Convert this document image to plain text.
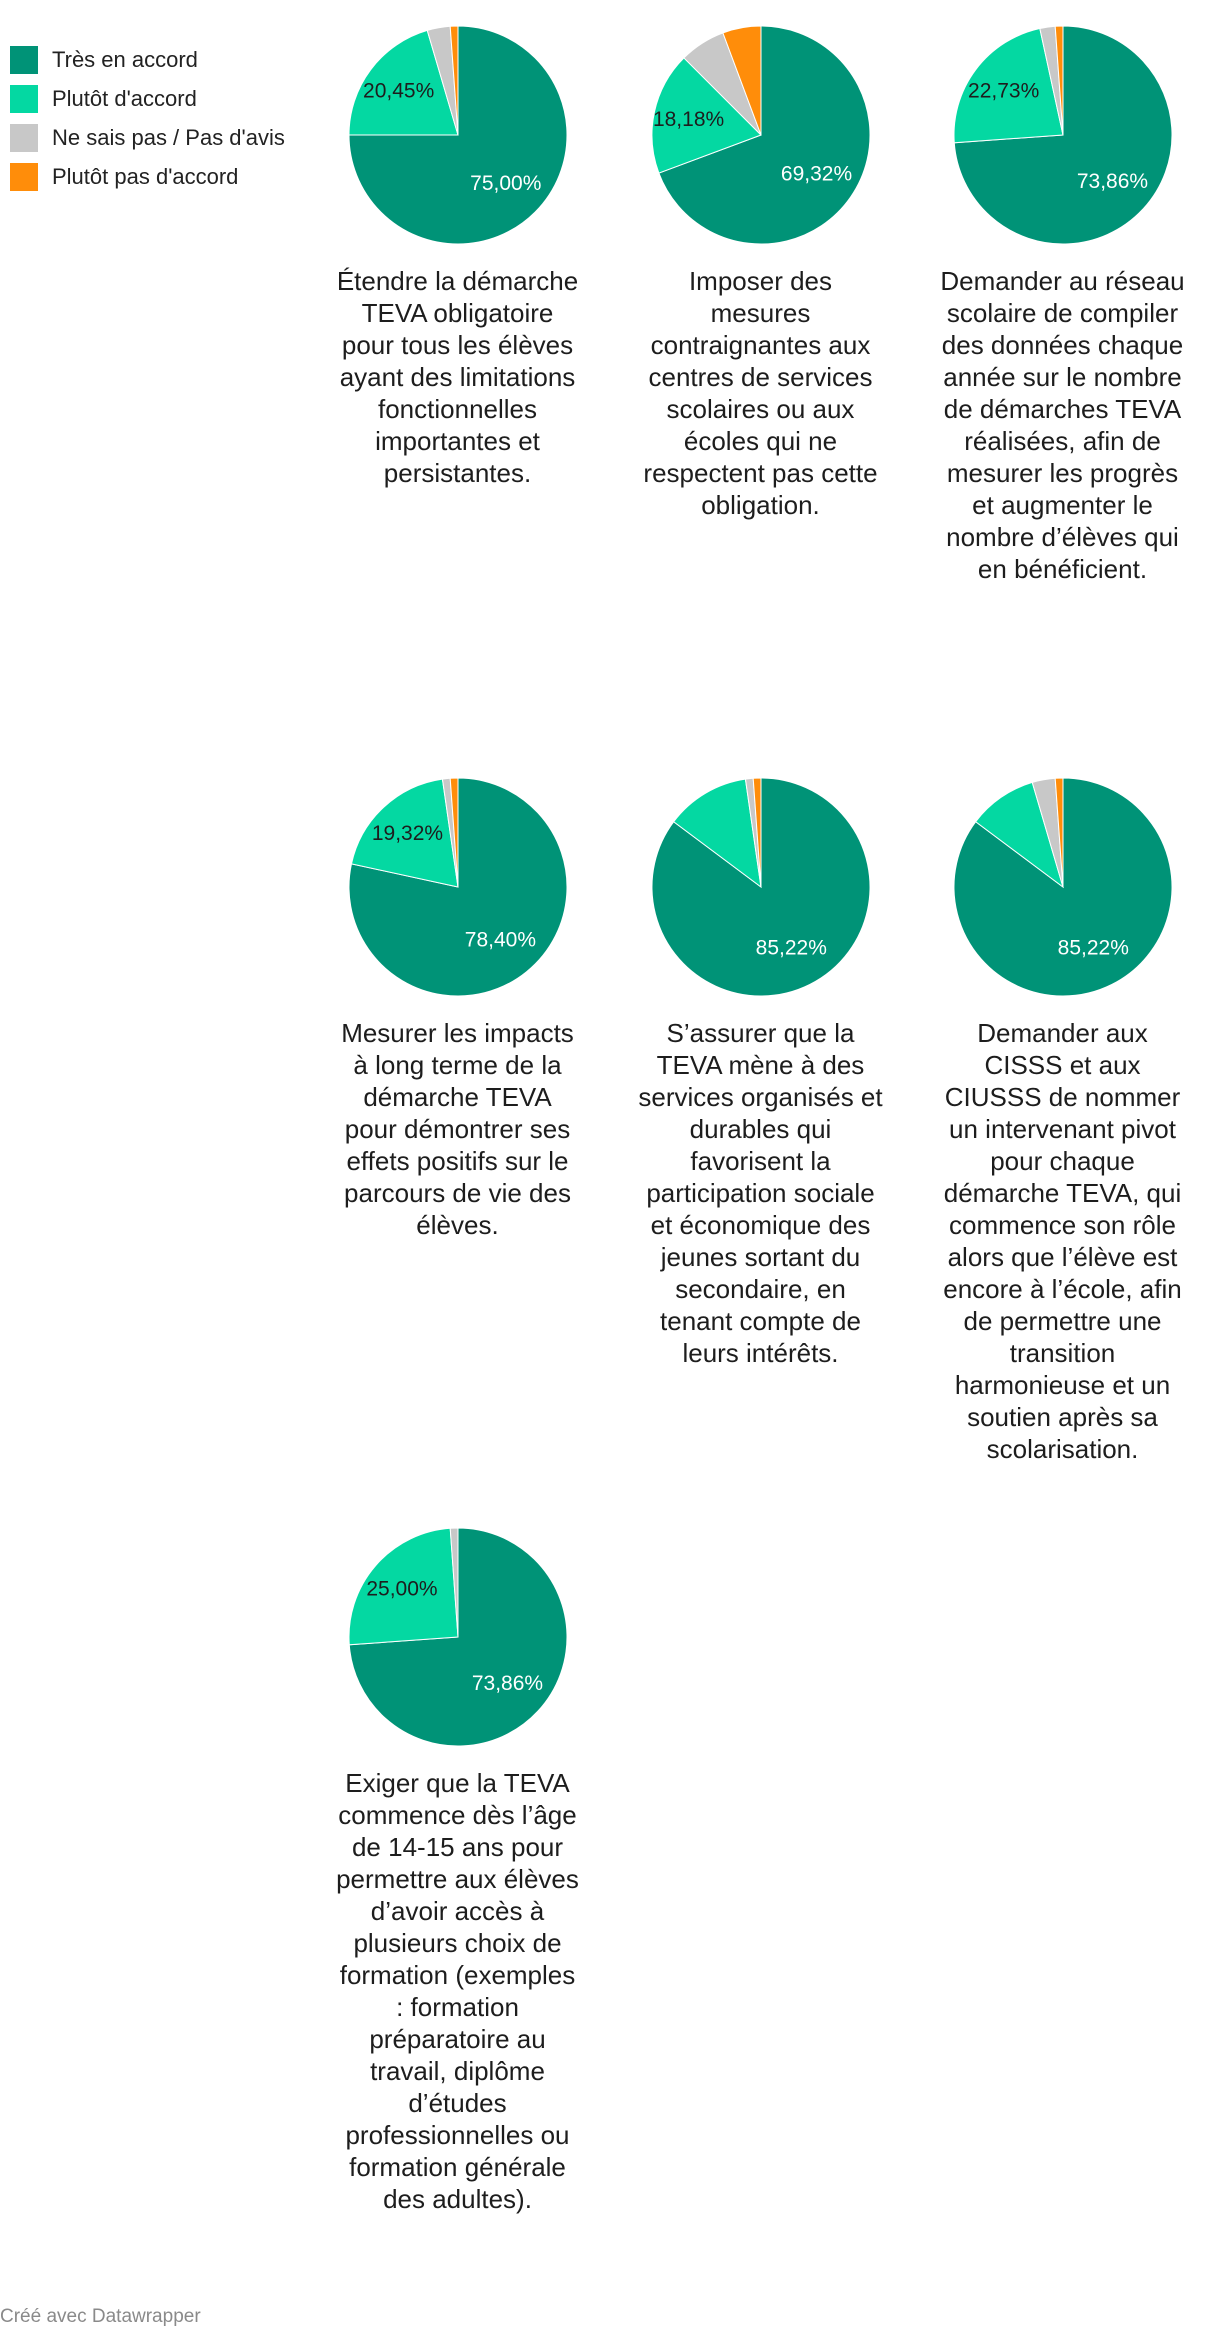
Très en accord
Plutôt d'accord
Ne sais pas / Pas d'avis
Plutôt pas d'accord	75,00%
20,45%
Étendre la démarche TEVA obligatoire pour tous les élèves ayant des limitations fonctionnelles importantes et persistantes.
69,32%
18,18%
Imposer des mesures contraignantes aux centres de services scolaires ou aux écoles qui ne respectent pas cette obligation.
73,86%
22,73%
Demander au réseau scolaire de compiler des données chaque année sur le nombre de démarches TEVA réalisées, afin de mesurer les progrès et augmenter le nombre d’élèves qui en bénéficient.
78,40%
19,32%
Mesurer les impacts à long terme de la démarche TEVA pour démontrer ses effets positifs sur le parcours de vie des élèves.
85,22%
S’assurer que la TEVA mène à des services organisés et durables qui favorisent la participation sociale et économique des jeunes sortant du secondaire, en tenant compte de leurs intérêts.
85,22%
Demander aux CISSS et aux CIUSSS de nommer un intervenant pivot pour chaque démarche TEVA, qui commence son rôle alors que l’élève est encore à l’école, afin de permettre une transition harmonieuse et un soutien après sa scolarisation.
73,86%
25,00%
Exiger que la TEVA commence dès l’âge de 14-15 ans pour permettre aux élèves d’avoir accès à plusieurs choix de formation (exemples : formation préparatoire au travail, diplôme d’études professionnelles ou formation générale des adultes).
Créé avec Datawrapper
